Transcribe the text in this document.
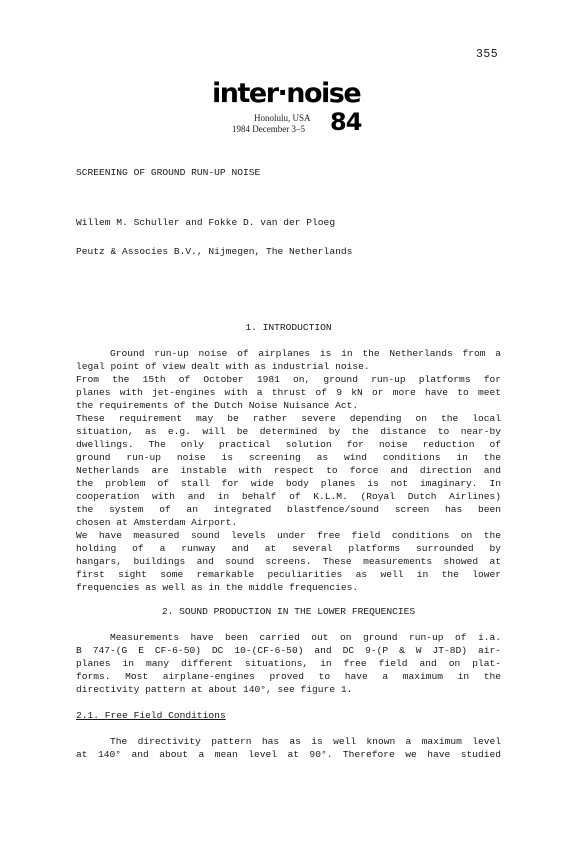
355
inter·noise
Honolulu, USA
1984 December 3–5 84
SCREENING OF GROUND RUN-UP NOISE
Willem M. Schuller and Fokke D. van der Ploeg
Peutz & Associes B.V., Nijmegen, The Netherlands
1. INTRODUCTION
Ground run-up noise of airplanes is in the Netherlands from a
legal point of view dealt with as industrial noise.
From the 15th of October 1981 on, ground run-up platforms for
planes with jet-engines with a thrust of 9 kN or more have to meet
the requirements of the Dutch Noise Nuisance Act.
These requirement may be rather severe depending on the local
situation, as e.g. will be determined by the distance to near-by
dwellings. The only practical solution for noise reduction of
ground run-up noise is screening as wind conditions in the
Netherlands are instable with respect to force and direction and
the problem of stall for wide body planes is not imaginary. In
cooperation with and in behalf of K.L.M. (Royal Dutch Airlines)
the system of an integrated blastfence/sound screen has been
chosen at Amsterdam Airport.
We have measured sound levels under free field conditions on the
holding of a runway and at several platforms surrounded by
hangars, buildings and sound screens. These measurements showed at
first sight some remarkable peculiarities as well in the lower
frequencies as well as in the middle frequencies.
2. SOUND PRODUCTION IN THE LOWER FREQUENCIES
Measurements have been carried out on ground run-up of i.a.
B 747-(G E CF-6-50) DC 10-(CF-6-50) and DC 9-(P & W JT-8D) air-
planes in many different situations, in free field and on plat-
forms. Most airplane-engines proved to have a maximum in the
directivity pattern at about 140°, see figure 1.
2.1. Free Field Conditions
The directivity pattern has as is well known a maximum level
at 140° and about a mean level at 90°. Therefore we have studied
